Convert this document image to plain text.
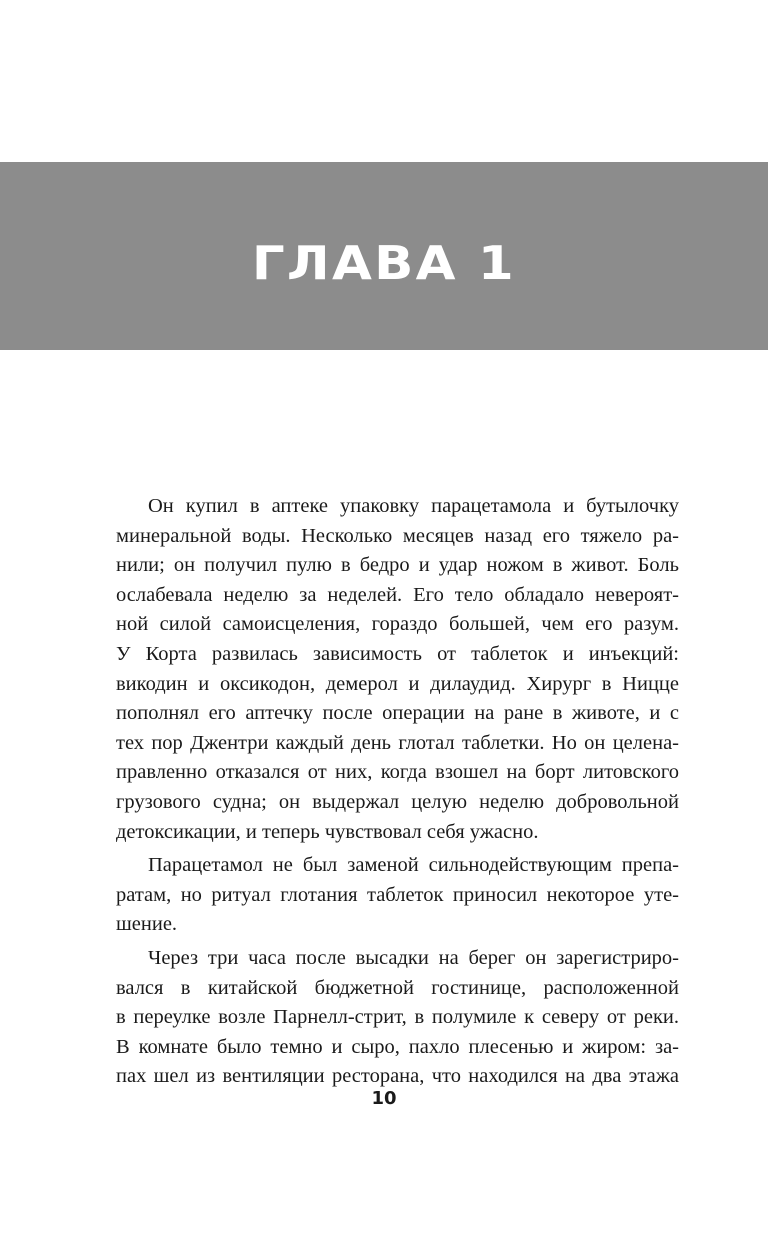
ГЛАВА 1
Он купил в аптеке упаковку парацетамола и бутылочку
минеральной воды. Несколько месяцев назад его тяжело ра-
нили; он получил пулю в бедро и удар ножом в живот. Боль
ослабевала неделю за неделей. Его тело обладало невероят-
ной силой самоисцеления, гораздо большей, чем его разум.
У Корта развилась зависимость от таблеток и инъекций:
викодин и оксикодон, демерол и дилаудид. Хирург в Ницце
пополнял его аптечку после операции на ране в животе, и с
тех пор Джентри каждый день глотал таблетки. Но он целена-
правленно отказался от них, когда взошел на борт литовского
грузового судна; он выдержал целую неделю добровольной
детоксикации, и теперь чувствовал себя ужасно.
Парацетамол не был заменой сильнодействующим препа-
ратам, но ритуал глотания таблеток приносил некоторое уте-
шение.
Через три часа после высадки на берег он зарегистриро-
вался в китайской бюджетной гостинице, расположенной
в переулке возле Парнелл-стрит, в полумиле к северу от реки.
В комнате было темно и сыро, пахло плесенью и жиром: за-
пах шел из вентиляции ресторана, что находился на два этажа
10
